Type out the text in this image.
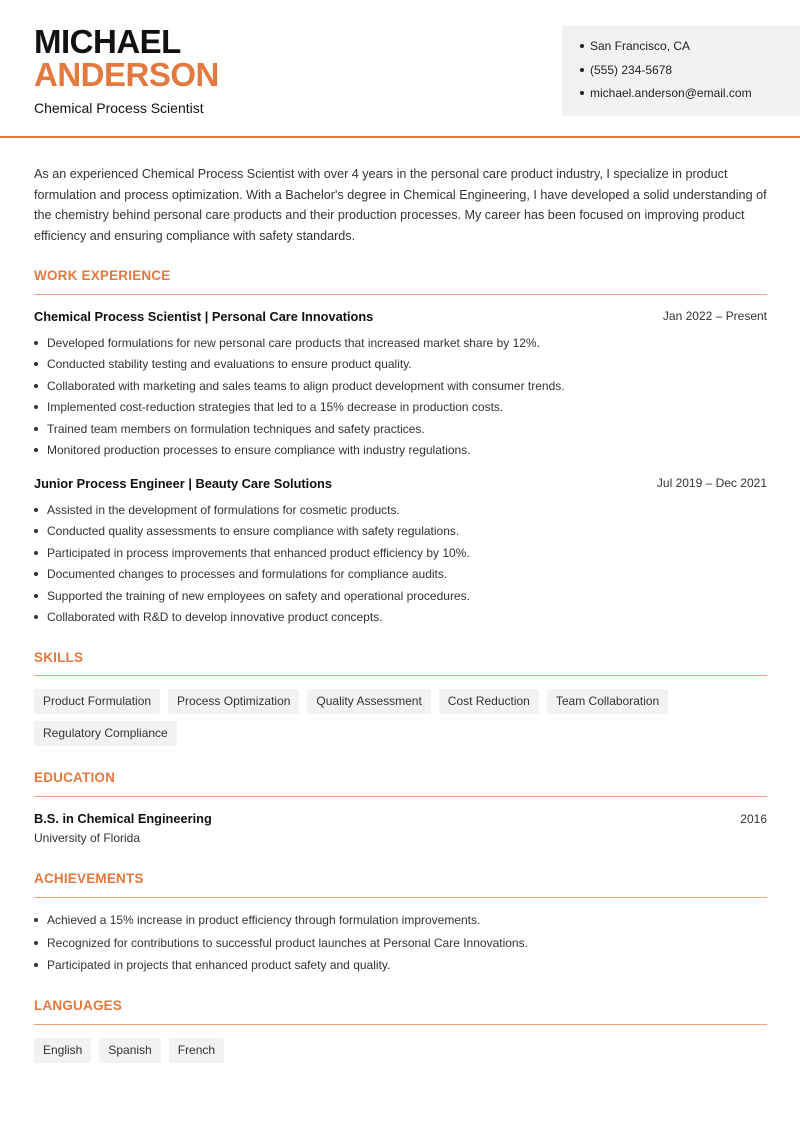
MICHAEL
ANDERSON
Chemical Process Scientist
San Francisco, CA
(555) 234-5678
michael.anderson@email.com

As an experienced Chemical Process Scientist with over 4 years in the personal care product industry, I specialize in product formulation and process optimization. With a Bachelor's degree in Chemical Engineering, I have developed a solid understanding of the chemistry behind personal care products and their production processes. My career has been focused on improving product efficiency and ensuring compliance with safety standards.

WORK EXPERIENCE
Chemical Process Scientist | Personal Care Innovations	Jan 2022 – Present
Developed formulations for new personal care products that increased market share by 12%.
Conducted stability testing and evaluations to ensure product quality.
Collaborated with marketing and sales teams to align product development with consumer trends.
Implemented cost-reduction strategies that led to a 15% decrease in production costs.
Trained team members on formulation techniques and safety practices.
Monitored production processes to ensure compliance with industry regulations.
Junior Process Engineer | Beauty Care Solutions	Jul 2019 – Dec 2021
Assisted in the development of formulations for cosmetic products.
Conducted quality assessments to ensure compliance with safety regulations.
Participated in process improvements that enhanced product efficiency by 10%.
Documented changes to processes and formulations for compliance audits.
Supported the training of new employees on safety and operational procedures.
Collaborated with R&D to develop innovative product concepts.
SKILLS
Product Formulation	Process Optimization	Quality Assessment	Cost Reduction	Team Collaboration
Regulatory Compliance
EDUCATION
B.S. in Chemical Engineering	2016
University of Florida
ACHIEVEMENTS
Achieved a 15% increase in product efficiency through formulation improvements.
Recognized for contributions to successful product launches at Personal Care Innovations.
Participated in projects that enhanced product safety and quality.
LANGUAGES
English	Spanish	French
